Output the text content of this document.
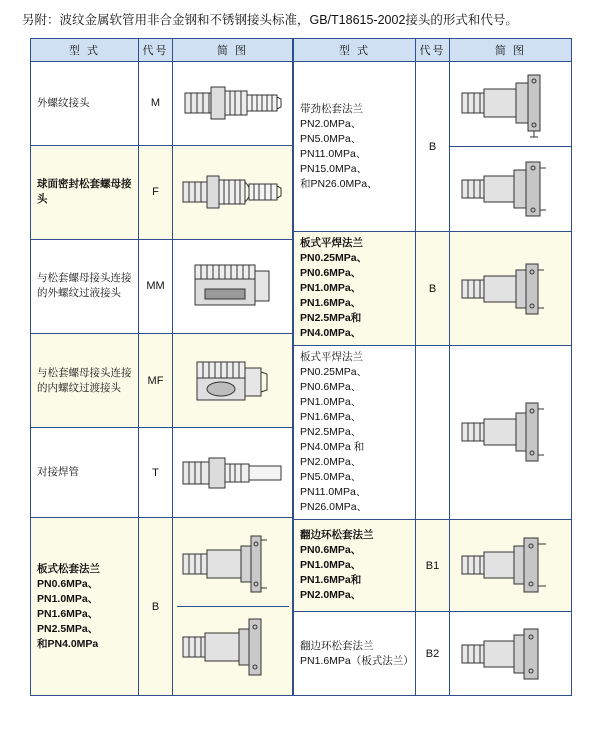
另附：波纹金属软管用非合金钢和不锈钢接头标准，GB/T18615-2002接头的形式和代号。
型 式	代号	简 图
外螺纹接头	M	

球面密封松套螺母接头	F	

与松套螺母接头连接的外螺纹过液接头	MM	

与松套螺母接头连接的内螺纹过渡接头	MF	

对接焊管	T	

板式松套法兰
PN0.6MPa、PN1.0MPa、
PN1.6MPa、PN2.5MPa、
和PN4.0MPa	B	
型 式	代号	简 图

带劲松套法兰
PN2.0MPa、PN5.0MPa、
PN11.0MPa、PN15.0MPa、
和PN26.0MPa、	B	

板式平焊法兰
PN0.25MPa、PN0.6MPa、
PN1.0MPa、PN1.6MPa、
PN2.5MPa和PN4.0MPa、	B	

板式平焊法兰
PN0.25MPa、PN0.6MPa、
PN1.0MPa、PN1.6MPa、
PN2.5MPa、PN4.0MPa 和
PN2.0MPa、PN5.0MPa、
PN11.0MPa、PN26.0MPa、

翻边环松套法兰
PN0.6MPa、PN1.0MPa、
PN1.6MPa和PN2.0MPa、	B1	

翻边环松套法兰
PN1.6MPa（板式法兰）	B2	
